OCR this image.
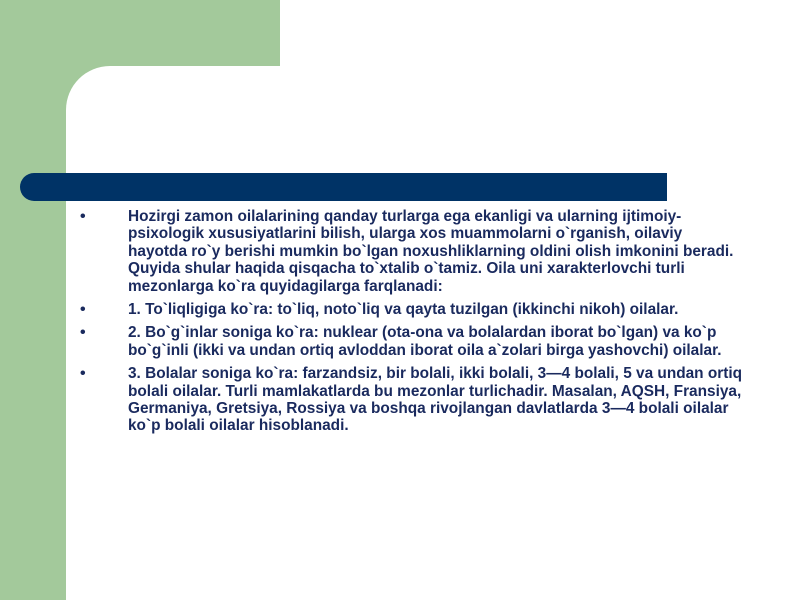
•	Hozirgi zamon oilalarining qanday turlarga ega ekanligi va ularning ijtimoiy-psixologik xususiyatlarini bilish, ularga xos muammolarni o`rganish, oilaviy hayotda ro`y berishi mumkin bo`lgan noxushliklarning oldini olish imkonini beradi. Quyida shular haqida qisqacha to`xtalib o`tamiz. Oila uni xarakterlovchi turli mezonlarga ko`ra quyidagilarga farqlanadi:
•	1. To`liqligiga ko`ra: to`liq, noto`liq va qayta tuzilgan (ikkinchi nikoh) oilalar.
•	2. Bo`g`inlar soniga ko`ra: nuklear (ota-ona va bolalardan iborat bo`lgan) va ko`p bo`g`inli (ikki va undan ortiq avloddan iborat oila a`zolari birga yashovchi) oilalar.
•	3. Bolalar soniga ko`ra: farzandsiz, bir bolali, ikki bolali, 3—4 bolali, 5 va undan ortiq bolali oilalar. Turli mamlakatlarda bu mezonlar turlichadir. Masalan, AQSH, Fransiya, Germaniya, Gretsiya, Rossiya va boshqa rivojlangan davlatlarda 3—4 bolali oilalar ko`p bolali oilalar hisoblanadi.
